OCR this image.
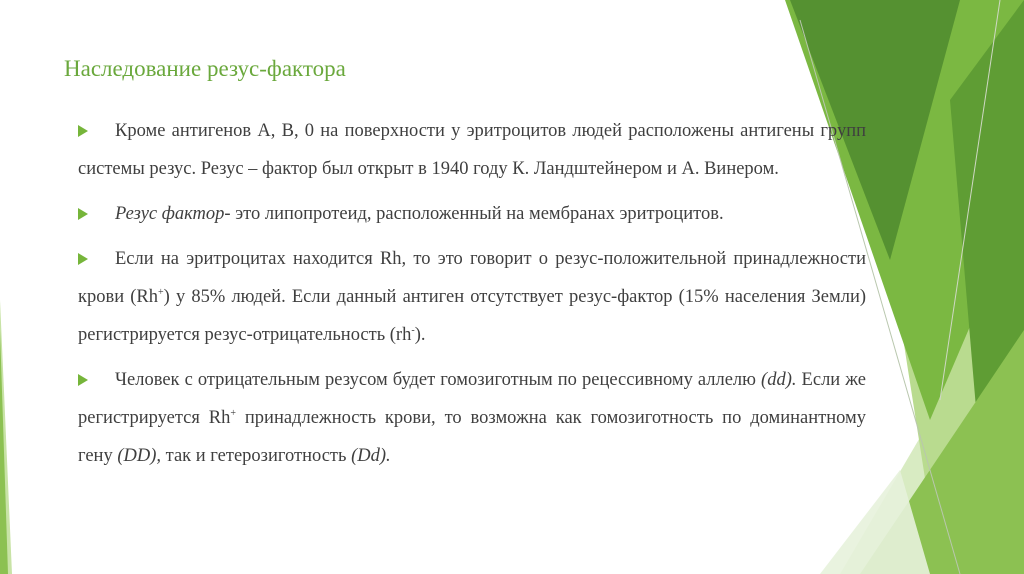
Наследование резус-фактора
Кроме антигенов А, В, 0 на поверхности у эритроцитов людей расположены антигены групп системы резус. Резус – фактор был открыт в 1940 году К. Ландштейнером и А. Винером.
Резус фактор- это липопротеид, расположенный на мембранах эритроцитов.
Если на эритроцитах находится Rh, то это говорит о резус-положительной принадлежности крови (Rh+) у 85% людей. Если данный антиген отсутствует резус-фактор (15% населения Земли) регистрируется резус-отрицательность (rh-).
Человек с отрицательным резусом будет гомозиготным по рецессивному аллелю (dd). Если же регистрируется Rh+ принадлежность крови, то возможна как гомозиготность по доминантному гену (DD), так и гетерозиготность (Dd).
